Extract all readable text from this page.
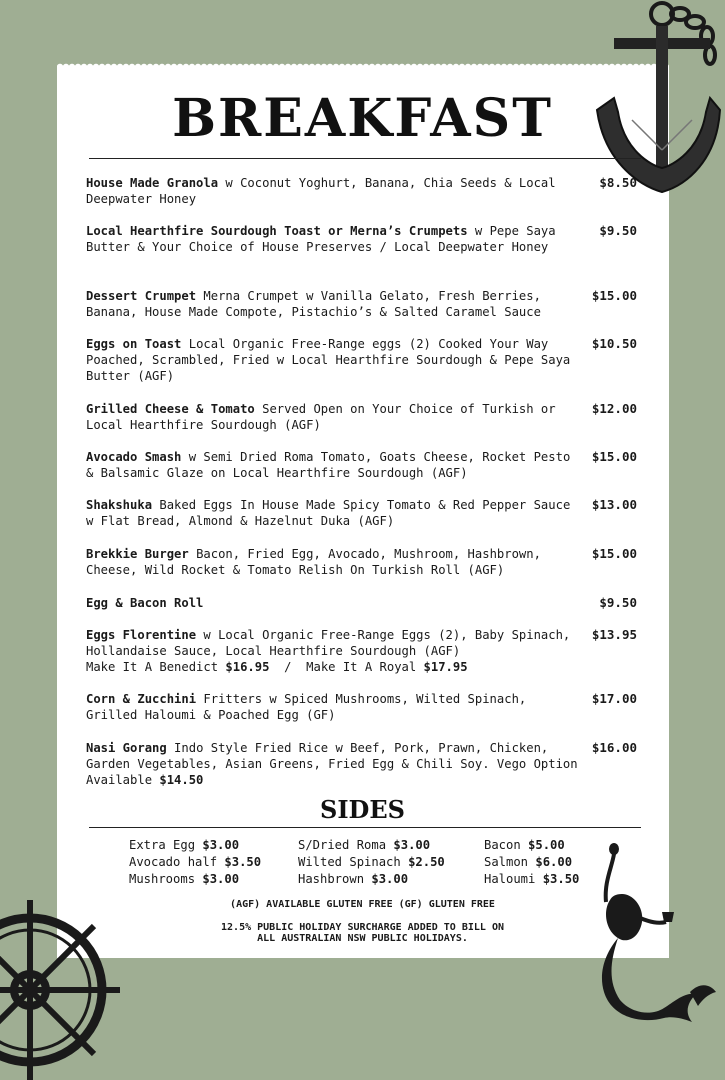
BREAKFAST
House Made Granola w Coconut Yoghurt, Banana, Chia Seeds & Local Deepwater Honey
$8.50
Local Hearthfire Sourdough Toast or Merna’s Crumpets w Pepe Saya Butter & Your Choice of House Preserves / Local Deepwater Honey
$9.50
Dessert Crumpet Merna Crumpet w Vanilla Gelato, Fresh Berries, Banana, House Made Compote, Pistachio’s & Salted Caramel Sauce
$15.00
Eggs on Toast Local Organic Free-Range eggs (2) Cooked Your Way Poached, Scrambled, Fried w Local Hearthfire Sourdough & Pepe Saya Butter (AGF)
$10.50
Grilled Cheese & Tomato Served Open on Your Choice of Turkish or Local Hearthfire Sourdough (AGF)
$12.00
Avocado Smash w Semi Dried Roma Tomato, Goats Cheese, Rocket Pesto & Balsamic Glaze on Local Hearthfire Sourdough (AGF)
$15.00
Shakshuka Baked Eggs In House Made Spicy Tomato & Red Pepper Sauce w Flat Bread, Almond & Hazelnut Duka (AGF)
$13.00
Brekkie Burger Bacon, Fried Egg, Avocado, Mushroom, Hashbrown, Cheese, Wild Rocket & Tomato Relish On Turkish Roll (AGF)
$15.00
Egg & Bacon Roll	$9.50
Eggs Florentine w Local Organic Free-Range Eggs (2), Baby Spinach, Hollandaise Sauce, Local Hearthfire Sourdough (AGF)
Make It A Benedict $16.95  /  Make It A Royal $17.95
$13.95
Corn & Zucchini Fritters w Spiced Mushrooms, Wilted Spinach, Grilled Haloumi & Poached Egg (GF)
$17.00
Nasi Gorang Indo Style Fried Rice w Beef, Pork, Prawn, Chicken, Garden Vegetables, Asian Greens, Fried Egg & Chili Soy. Vego Option Available $14.50
$16.00
SIDES
Extra Egg $3.00
Avocado half $3.50
Mushrooms $3.00
S/Dried Roma $3.00
Wilted Spinach $2.50
Hashbrown $3.00
Bacon $5.00
Salmon $6.00
Haloumi $3.50
(AGF) AVAILABLE GLUTEN FREE (GF) GLUTEN FREE
12.5% PUBLIC HOLIDAY SURCHARGE ADDED TO BILL ON
ALL AUSTRALIAN NSW PUBLIC HOLIDAYS.
